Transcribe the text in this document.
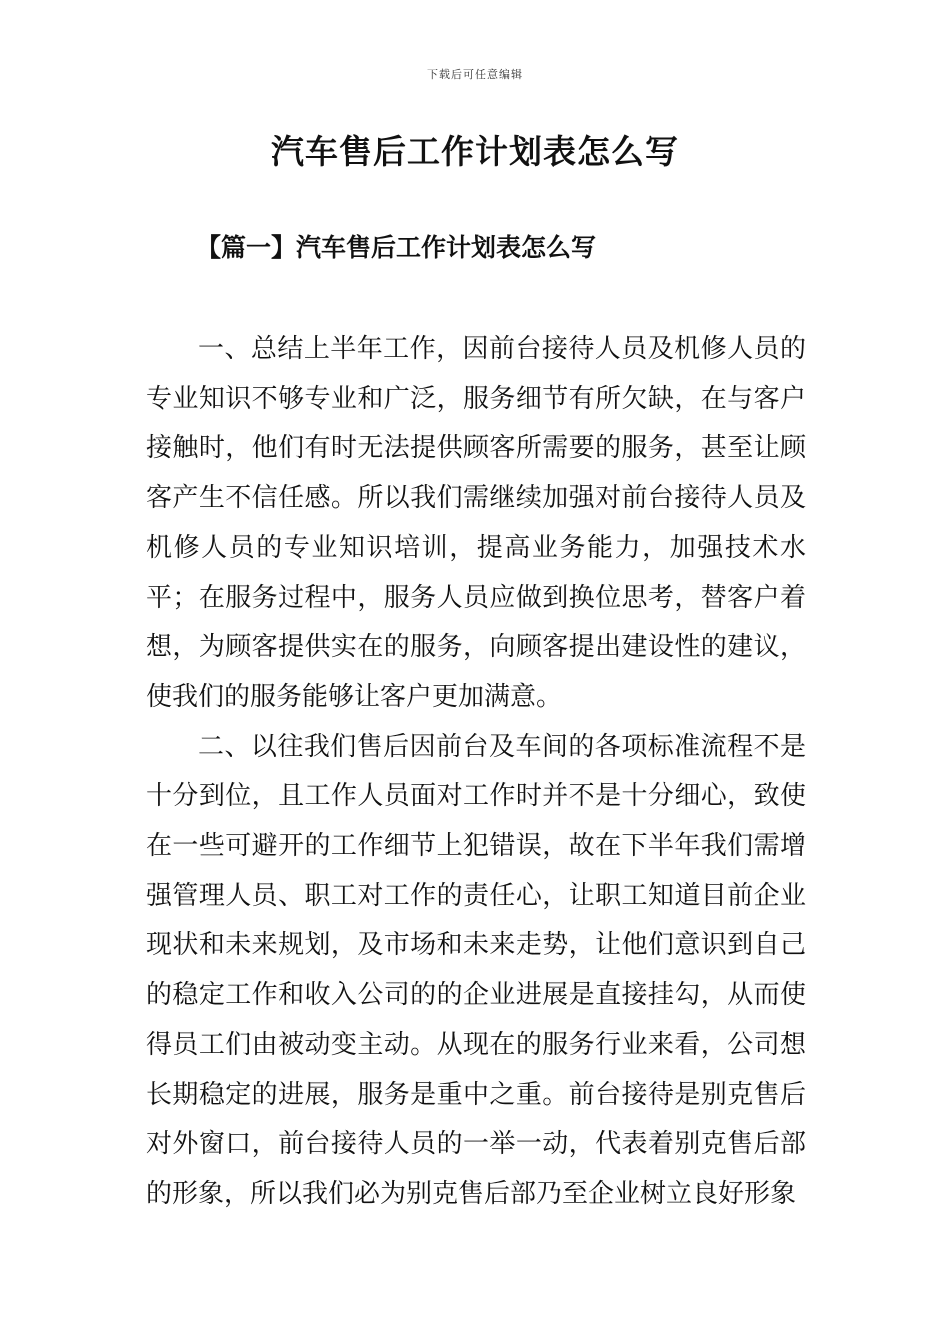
下载后可任意编辑
汽车售后工作计划表怎么写
【篇一】汽车售后工作计划表怎么写

一、总结上半年工作，因前台接待人员及机修人员的专业知识不够专业和广泛，服务细节有所欠缺，在与客户接触时，他们有时无法提供顾客所需要的服务，甚至让顾客产生不信任感。所以我们需继续加强对前台接待人员及机修人员的专业知识培训，提高业务能力，加强技术水平；在服务过程中，服务人员应做到换位思考，替客户着想，为顾客提供实在的服务，向顾客提出建设性的建议，使我们的服务能够让客户更加满意。

二、以往我们售后因前台及车间的各项标准流程不是十分到位，且工作人员面对工作时并不是十分细心，致使在一些可避开的工作细节上犯错误，故在下半年我们需增强管理人员、职工对工作的责任心，让职工知道目前企业现状和未来规划，及市场和未来走势，让他们意识到自己的稳定工作和收入公司的的企业进展是直接挂勾，从而使得员工们由被动变主动。从现在的服务行业来看，公司想长期稳定的进展，服务是重中之重。前台接待是别克售后对外窗口，前台接待人员的一举一动，代表着别克售后部的形象，所以我们必为别克售后部乃至企业树立良好形象
